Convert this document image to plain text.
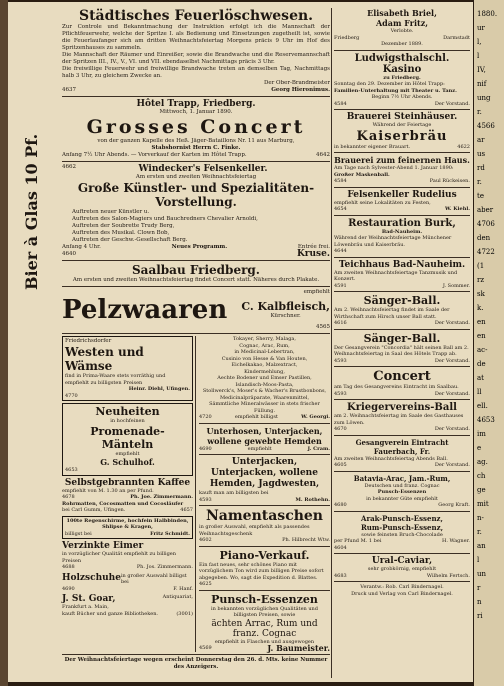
Bier à Glas 10 Pf.
Städtisches Feuerlöschwesen.
Zur Controle und Bekanntmachung der Instruktion erfolgt ich die Mannschaft der Pflichtfeuerwehr, welche der Spritze I. als Bedienung und Einsetzungen zugetheilt ist, sowie die Feuerlaufanger sich am dritten Weihnachtsfeiertag Morgens präcis 9 Uhr im Hof des Spritzenhauses zu sammeln.
Die Mannschaft der Räumer und Einreißer, sowie die Brandwache und die Reservemannschaft der Spritzen III., IV., V., VI. und VII. ebendaselbst Nachmittags präcis 3 Uhr.
Die freiwillige Feuerwehr und freiwillige Brandwache treten an demselben Tag, Nachmittags halb 3 Uhr, zu gleichem Zwecke an.
Der Ober-Brandmeister
4637	Georg Hieronimus.
Hôtel Trapp, Friedberg.
Mittwoch, 1. Januar 1890.
Grosses Concert
von der ganzen Kapelle des Heß. Jäger-Bataillons Nr. 11 aus Marburg,
Stabshornist Herrn C. Finke.
Anfang 7½ Uhr Abends. — Vorverkauf der Karten im Hôtel Trapp.	4642
4662	Windecker's Felsenkeller.
Am ersten und zweiten Weihnachtsfeiertag
Große Künstler- und Spezialitäten-Vorstellung.
Auftreten neuer Künstler u.
Auftreten des Salon-Magiers und Bauchredners Chevalier Arnoldi,
Auftreten der Soubrette Trudy Berg,
Auftreten des Musikal. Clown Bob,
Auftreten der Geschw.-Gesellschaft Berg.
Anfang 4 Uhr.	Neues Programm.	Entrée frei.
4640	Kruse.
Saalbau Friedberg.
Am ersten und zweiten Weihnachtsfeiertag findet Concert statt. Näheres durch Plakate.
empfiehlt
Pelzwaaren C. Kalbfleisch,
Kürschner.
4565
Friedrichsdorfer
Westen und Wämse
find in Prima-Waare stets vorräthig und empfiehlt zu billigsten Preisen
Heinr. Diehl, Ufingen.
4770
Neuheiten
in hochfeinen
Promenade-Mänteln
empfiehlt
G. Schulhof.
4653
Selbstgebrannten Kaffee
empfiehlt von M. 1.30 an per Pfund.
4678	Ph. Joe. Zimmermann.
Rohrmatten, Cocosmatten und Cocosläufer
bei Carl Gumm, Ufingen.	4657
100te Regenschirme, hochfein Halbbinden, Shlipse & Kragen,
billigst bei	Fritz Schmidt.
Verzinkte Eimer
in vorzüglicher Qualität empfiehlt zu billigen Preisen
4688	Ph. Jos. Zimmermann.
Holzschuhe in großer Auswahl billigst bei
4690	F. Hanf.
J. St. Goar,	Antiquariat,
Frankfurt a. Main,
kauft Bücher und ganze Bibliotheken.	(3001)
Tokayer, Sherry, Malaga,
Cognac, Arac, Rum,
in Medicinal-Lebertran,
Cusinio von Hesse & Van Houten,
Eichelkakao, Malzextract,
Kindermehlung,
Aechte Bodener und Emser Pastillen,
Islandisch-Moos-Pasta,
Stollwerck's, Moser's & Wacher's Brustbonbons,
Medicinalpräparate, Waarenmittel,
Sämmtliche Mineralwässer in stets frischer Füllung.
4720	empfiehlt billigst	W. Georgi.
Unterhosen, Unterjacken, wollene gewebte Hemden
4690	empfiehlt	J. Cram.
Unterjacken, Unterjacken, wollene Hemden, Jagdwesten,
kauft man am billigsten bei
4593	M. Rothehn.
Namentaschen
in großer Auswahl, empfiehlt als passendes Weihnachtsgeschenk
4602	Ph. Hilbrecht Wtw.
Piano-Verkauf.
Ein fast neues, sehr schönes Piano mit vorzüglichem Ton wird zum billigen Preise sofort abgegeben. Wo, sagt die Expedition d. Blattes.
4625
Punsch-Essenzen
in bekannten vorzüglichen Qualitäten und billigsten Preisen, sowie
ächten Arrac, Rum und franz. Cognac
empfiehlt in Flaschen und ausgewogen
4569	J. Baumeister.
Der Weihnachtsfeiertage wegen erscheint Donnerstag den 26. d. Mts. keine Nummer des Anzeigers.
Elisabeth Briel,
Adam Fritz,
Verlobte.
Friedberg	Darmstadt
Dezember 1889.
Ludwigsthalschl. Kasino
zu Friedberg.
Sonntag den 29. Dezember im Hôtel Trapp:
Familien-Unterhaltung mit Theater u. Tanz.
Beginn 7½ Uhr Abends.
4584	Der Vorstand.
Brauerei Steinhäuser.
Während der Feiertage
Kaiserbräu
in bekannter eigener Brauart.	4622
Brauerei zum feinernen Haus.
Am Tage nach Sylvester-Abend 1. Januar 1890:
Großer Maskenball.
4584	Paul Rückeisen.
Felsenkeller Rudelius
empfiehlt seine Lokalitäten zu Festen,
4654	W. Kiehl.
Restauration Burk,
Bad-Nauheim.
Während der Weihnachtsfeiertage Münchener Löwenbräu und Kaiserbräu.
4644
Teichhaus Bad-Nauheim.
Am zweiten Weihnachtsfeiertage Tanzmusik und Konzert.
4591	J. Sommer.
Sänger-Ball.
Am 2. Weihnachtsfeiertag findet im Saale der Wirthschaft zum Hirsch unser Ball statt.
4616	Der Vorstand.
Sänger-Ball.
Der Gesangverein "Concordia" hält seinen Ball am 2. Weihnachtsfeiertag in Saal des Hôtels Trapp ab.
4593	Der Vorstand.
Concert
am Tag des Gesangvereins Eintracht im Saalbau.
4593	Der Vorstand.
Kriegervereins-Ball
am 2. Weihnachtsfeiertag im Saale des Gasthauses zum Löwen.
4670	Der Vorstand.
Gesangverein Eintracht Fauerbach, Fr.
Am zweiten Weihnachtsfeiertag Abends Ball.
4605	Der Vorstand.
Batavia-Arac, Jam.-Rum,
Deutschen und franz. Cognac
Punsch-Essenzen
in bekannter Güte empfiehlt
4680	Georg Kraft.
Arak-Punsch-Essenz,
Rum-Punsch-Essenz,
sowie feinsten Bruch-Chocolade
per Pfund M. 1 bei	H. Wagner.
4604
Ural-Caviar,
sehr grobkörnig, empfiehlt
4683	Wilhelm Fertsch.
Verantw.: Rob. Carl Bindernagel.
Druck und Verlag von Carl Bindernagel.
1880.
ur
l,
l
IV,
nif
ung
r.
4566
ar
us
rd
r.
te
aber
4706
den
4722
(1
rz
sk
k.
en
en
ac-
de
at
ll
ell.
4653
im
e
ag.
ch
ge
mit
n-
r.
an
l
un
r
n
ri
